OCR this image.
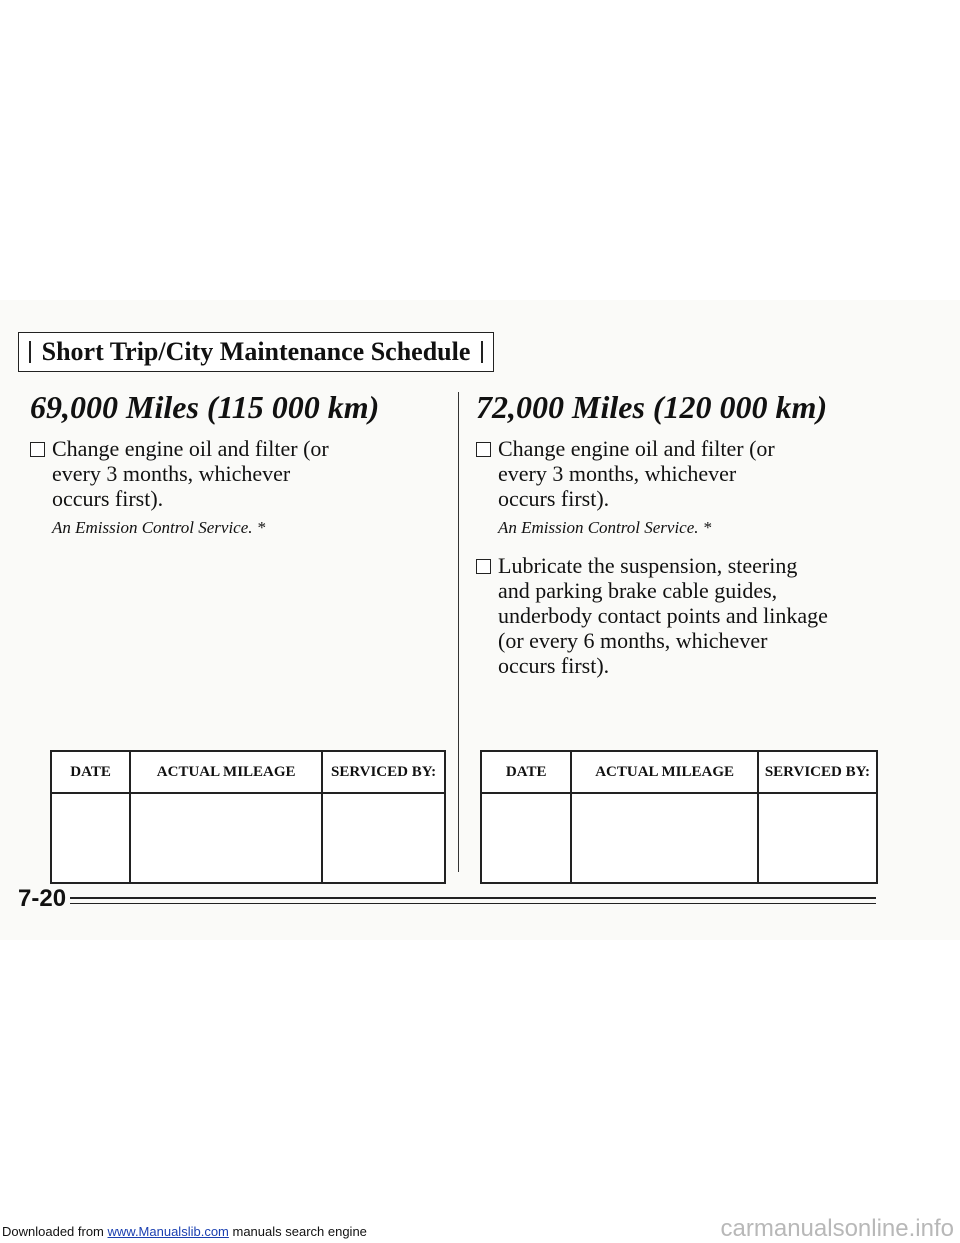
Short Trip/City Maintenance Schedule
69,000 Miles (115 000 km)
Change engine oil and filter (or every 3 months, whichever occurs first).
An Emission Control Service. *
72,000 Miles (120 000 km)
Change engine oil and filter (or every 3 months, whichever occurs first).
An Emission Control Service. *
Lubricate the suspension, steering and parking brake cable guides, underbody contact points and linkage (or every 6 months, whichever occurs first).
DATE	ACTUAL MILEAGE	SERVICED BY:
			DATE	ACTUAL MILEAGE	SERVICED BY:

7-20
Downloaded from www.Manualslib.com manuals search engine	carmanualsonline.info
